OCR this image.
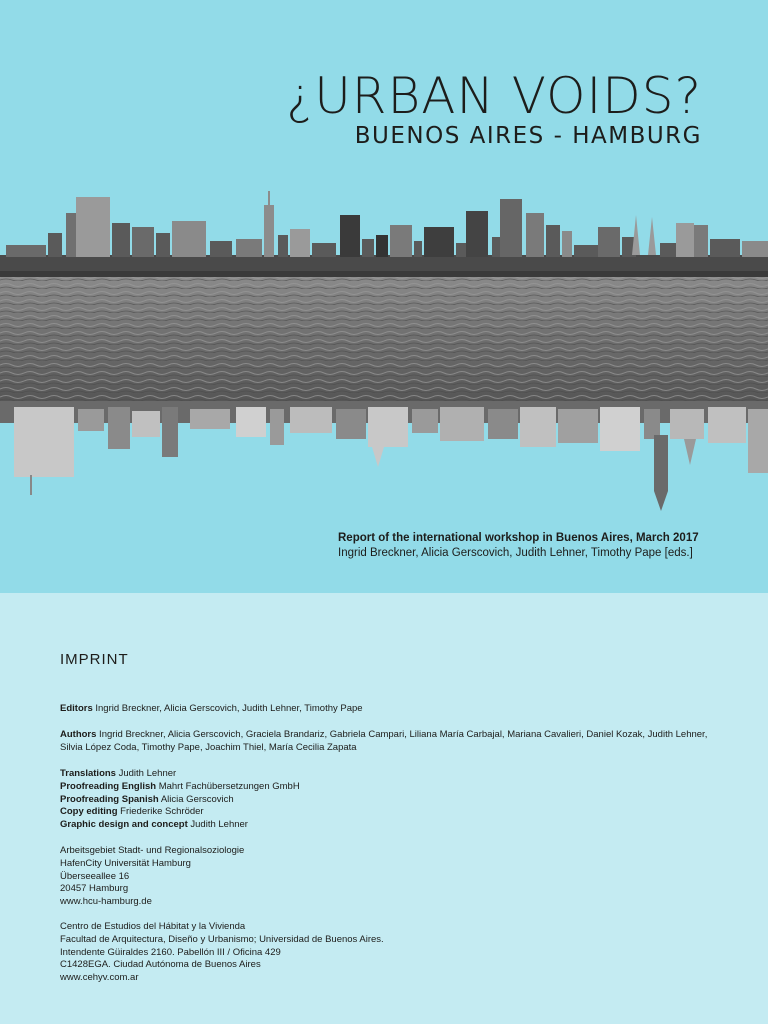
¿URBAN VOIDS?
BUENOS AIRES - HAMBURG
Report of the international workshop in Buenos Aires, March 2017
Ingrid Breckner, Alicia Gerscovich, Judith Lehner, Timothy Pape [eds.]
IMPRINT
Editors Ingrid Breckner, Alicia Gerscovich, Judith Lehner, Timothy Pape
Authors Ingrid Breckner, Alicia Gerscovich, Graciela Brandariz, Gabriela Campari, Liliana María Carbajal, Mariana Cavalieri, Daniel Kozak, Judith Lehner, Silvia López Coda, Timothy Pape, Joachim Thiel, María Cecilia Zapata
Translations Judith Lehner
Proofreading English Mahrt Fachübersetzungen GmbH
Proofreading Spanish Alicia Gerscovich
Copy editing Friederike Schröder
Graphic design and concept Judith Lehner
Arbeitsgebiet Stadt- und Regionalsoziologie
HafenCity Universität Hamburg
Überseeallee 16
20457 Hamburg
www.hcu-hamburg.de
Centro de Estudios del Hábitat y la Vivienda
Facultad de Arquitectura, Diseño y Urbanismo; Universidad de Buenos Aires.
Intendente Güiraldes 2160. Pabellón III / Oficina 429
C1428EGA. Ciudad Autónoma de Buenos Aires
www.cehyv.com.ar
